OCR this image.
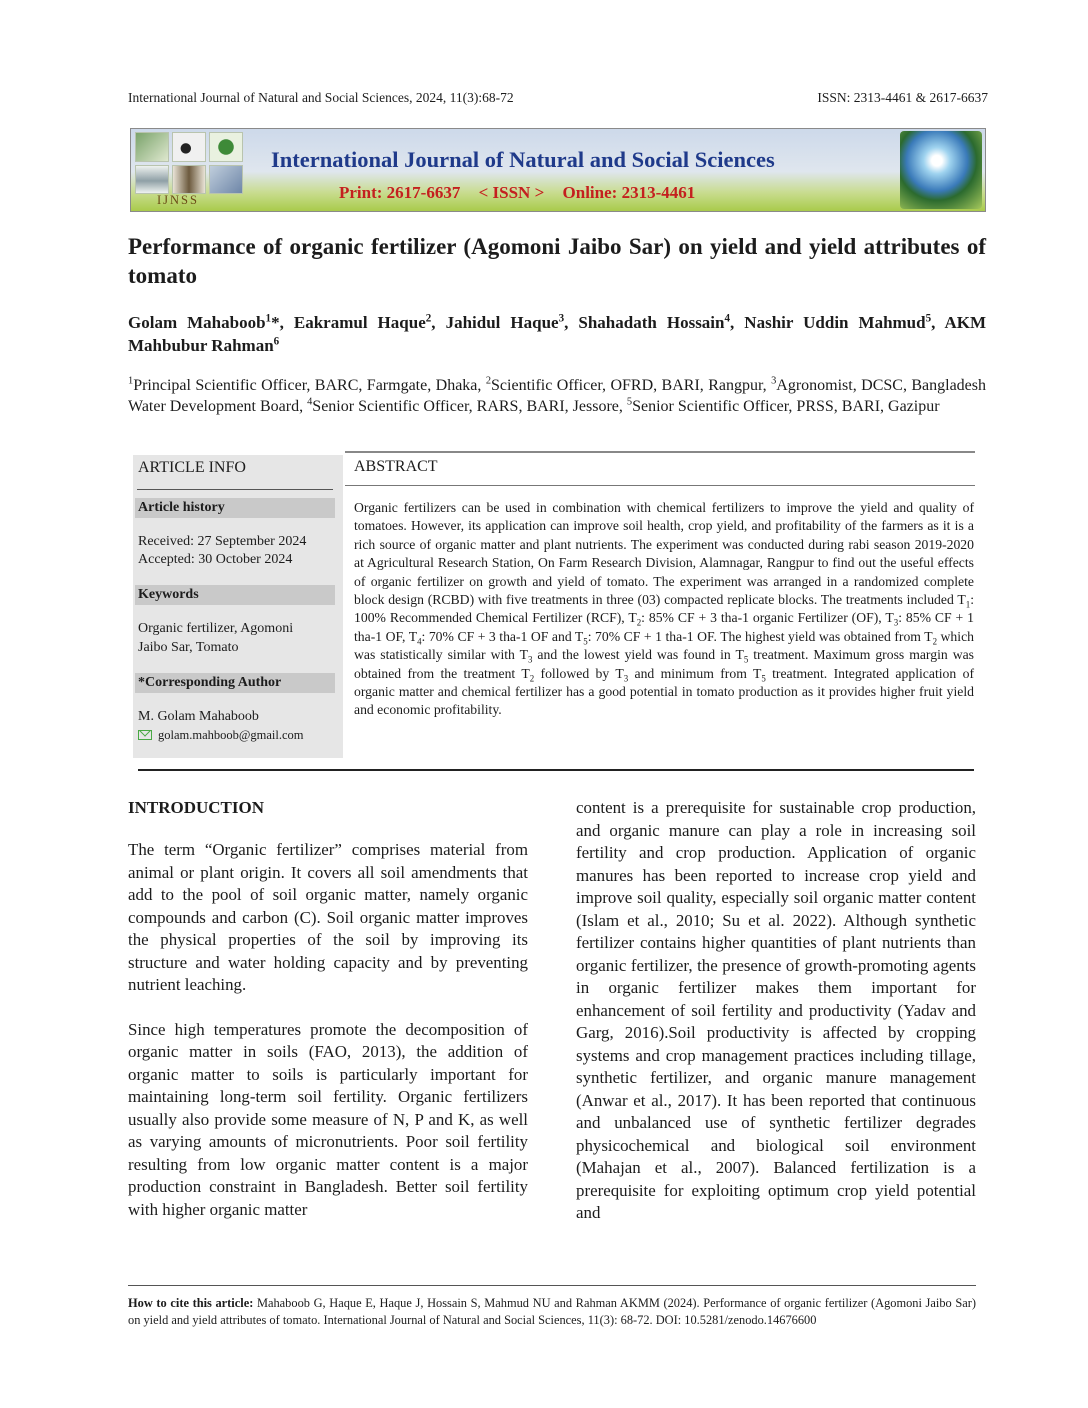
International Journal of Natural and Social Sciences, 2024, 11(3):68-72	ISSN: 2313-4461 & 2617-6637
IJNSS
International Journal of Natural and Social Sciences
Print: 2617-6637 < ISSN > Online: 2313-4461
Performance of organic fertilizer (Agomoni Jaibo Sar) on yield and yield attributes of tomato
Golam Mahaboob$^1$*, Eakramul Haque$^2$, Jahidul Haque$^3$, Shahadath Hossain$^4$, Nashir Uddin Mahmud$^5$, AKM Mahbubur Rahman$^6$
$^1$Principal Scientific Officer, BARC, Farmgate, Dhaka, $^2$Scientific Officer, OFRD, BARI, Rangpur, $^3$Agronomist, DCSC, Bangladesh Water Development Board, $^4$Senior Scientific Officer, RARS, BARI, Jessore, $^5$Senior Scientific Officer, PRSS, BARI, Gazipur
ARTICLE INFO
Article history
Received: 27 September 2024
Accepted: 30 October 2024
Keywords
Organic fertilizer, Agomoni Jaibo Sar, Tomato
*Corresponding Author
M. Golam Mahaboob
golam.mahboob@gmail.com
ABSTRACT
Organic fertilizers can be used in combination with chemical fertilizers to improve the yield and quality of tomatoes. However, its application can improve soil health, crop yield, and profitability of the farmers as it is a rich source of organic matter and plant nutrients. The experiment was conducted during rabi season 2019-2020 at Agricultural Research Station, On Farm Research Division, Alamnagar, Rangpur to find out the useful effects of organic fertilizer on growth and yield of tomato. The experiment was arranged in a randomized complete block design (RCBD) with five treatments in three (03) compacted replicate blocks. The treatments included $T_1$: 100% Recommended Chemical Fertilizer (RCF), $T_2$: 85% CF + 3 tha-1 organic Fertilizer (OF), $T_3$: 85% CF + 1 tha-1 OF, $T_4$: 70% CF + 3 tha-1 OF and $T_5$: 70% CF + 1 tha-1 OF. The highest yield was obtained from $T_2$ which was statistically similar with $T_3$ and the lowest yield was found in $T_5$ treatment. Maximum gross margin was obtained from the treatment $T_2$ followed by $T_3$ and minimum from $T_5$ treatment. Integrated application of organic matter and chemical fertilizer has a good potential in tomato production as it provides higher fruit yield and economic profitability.
INTRODUCTION

The term “Organic fertilizer” comprises material from animal or plant origin. It covers all soil amendments that add to the pool of soil organic matter, namely organic compounds and carbon (C). Soil organic matter improves the physical properties of the soil by improving its structure and water holding capacity and by preventing nutrient leaching.

Since high temperatures promote the decomposition of organic matter in soils (FAO, 2013), the addition of organic matter to soils is particularly important for maintaining long-term soil fertility. Organic fertilizers usually also provide some measure of N, P and K, as well as varying amounts of micronutrients. Poor soil fertility resulting from low organic matter content is a major production constraint in Bangladesh. Better soil fertility with higher organic matter

content is a prerequisite for sustainable crop production, and organic manure can play a role in increasing soil fertility and crop production. Application of organic manures has been reported to increase crop yield and improve soil quality, especially soil organic matter content (Islam et al., 2010; Su et al. 2022). Although synthetic fertilizer contains higher quantities of plant nutrients than organic fertilizer, the presence of growth-promoting agents in organic fertilizer makes them important for enhancement of soil fertility and productivity (Yadav and Garg, 2016).Soil productivity is affected by cropping systems and crop management practices including tillage, synthetic fertilizer, and organic manure management (Anwar et al., 2017). It has been reported that continuous and unbalanced use of synthetic fertilizer degrades physicochemical and biological soil environment (Mahajan et al., 2007). Balanced fertilization is a prerequisite for exploiting optimum crop yield potential and

How to cite this article: Mahaboob G, Haque E, Haque J, Hossain S, Mahmud NU and Rahman AKMM (2024). Performance of organic fertilizer (Agomoni Jaibo Sar) on yield and yield attributes of tomato. International Journal of Natural and Social Sciences, 11(3): 68-72. DOI: 10.5281/zenodo.14676600
